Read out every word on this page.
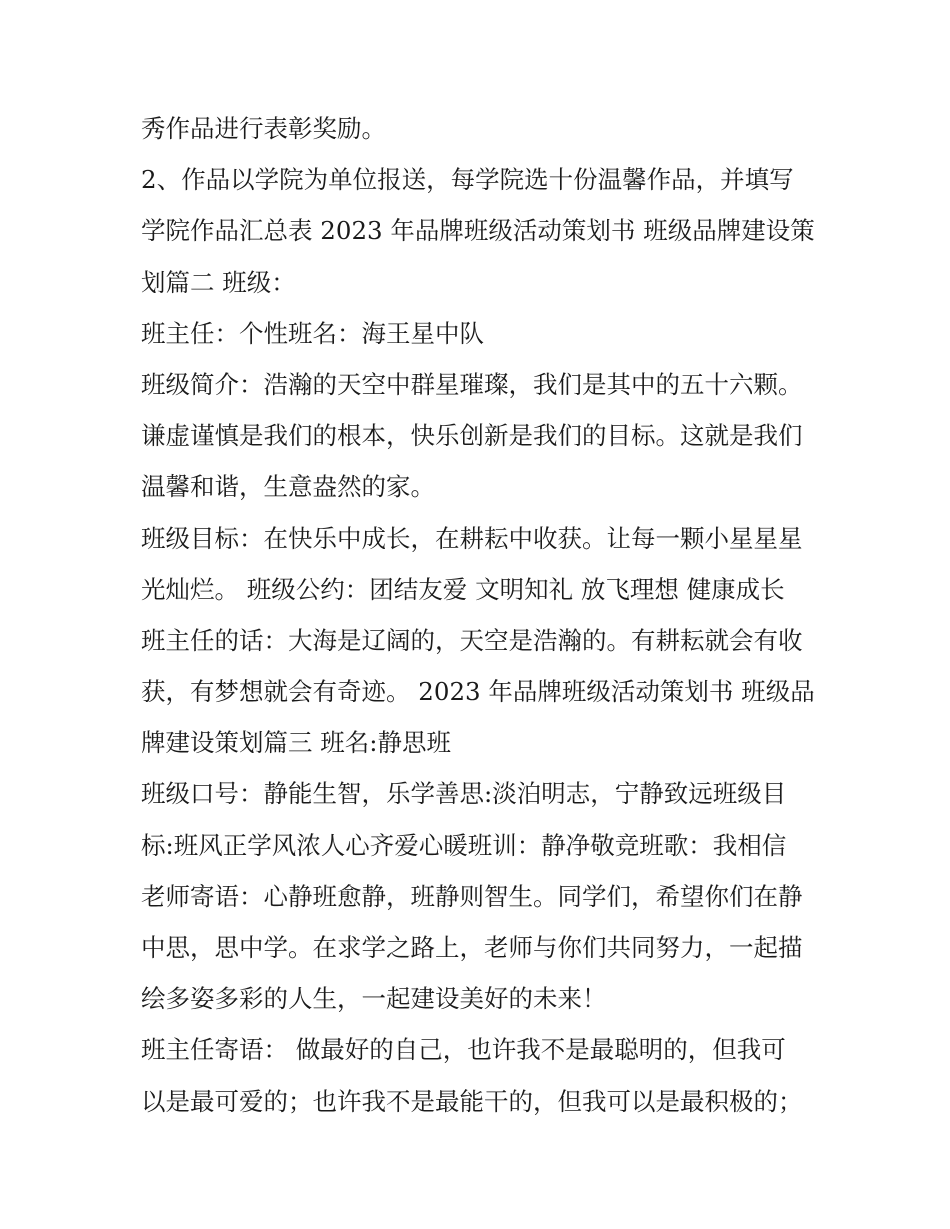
秀作品进行表彰奖励。
2、作品以学院为单位报送，每学院选十份温馨作品，并填写
学院作品汇总表 2023 年品牌班级活动策划书 班级品牌建设策
划篇二 班级：
班主任：个性班名：海王星中队
班级简介：浩瀚的天空中群星璀璨，我们是其中的五十六颗。
谦虚谨慎是我们的根本，快乐创新是我们的目标。这就是我们
温馨和谐，生意盎然的家。
班级目标：在快乐中成长，在耕耘中收获。让每一颗小星星星
光灿烂。 班级公约：团结友爱 文明知礼 放飞理想 健康成长
班主任的话：大海是辽阔的，天空是浩瀚的。有耕耘就会有收
获，有梦想就会有奇迹。 2023 年品牌班级活动策划书 班级品
牌建设策划篇三 班名:静思班
班级口号：静能生智，乐学善思:淡泊明志，宁静致远班级目
标:班风正学风浓人心齐爱心暖班训：静净敬竞班歌：我相信
老师寄语：心静班愈静，班静则智生。同学们，希望你们在静
中思，思中学。在求学之路上，老师与你们共同努力，一起描
绘多姿多彩的人生，一起建设美好的未来！
班主任寄语： 做最好的自己，也许我不是最聪明的，但我可
以是最可爱的；也许我不是最能干的，但我可以是最积极的；
